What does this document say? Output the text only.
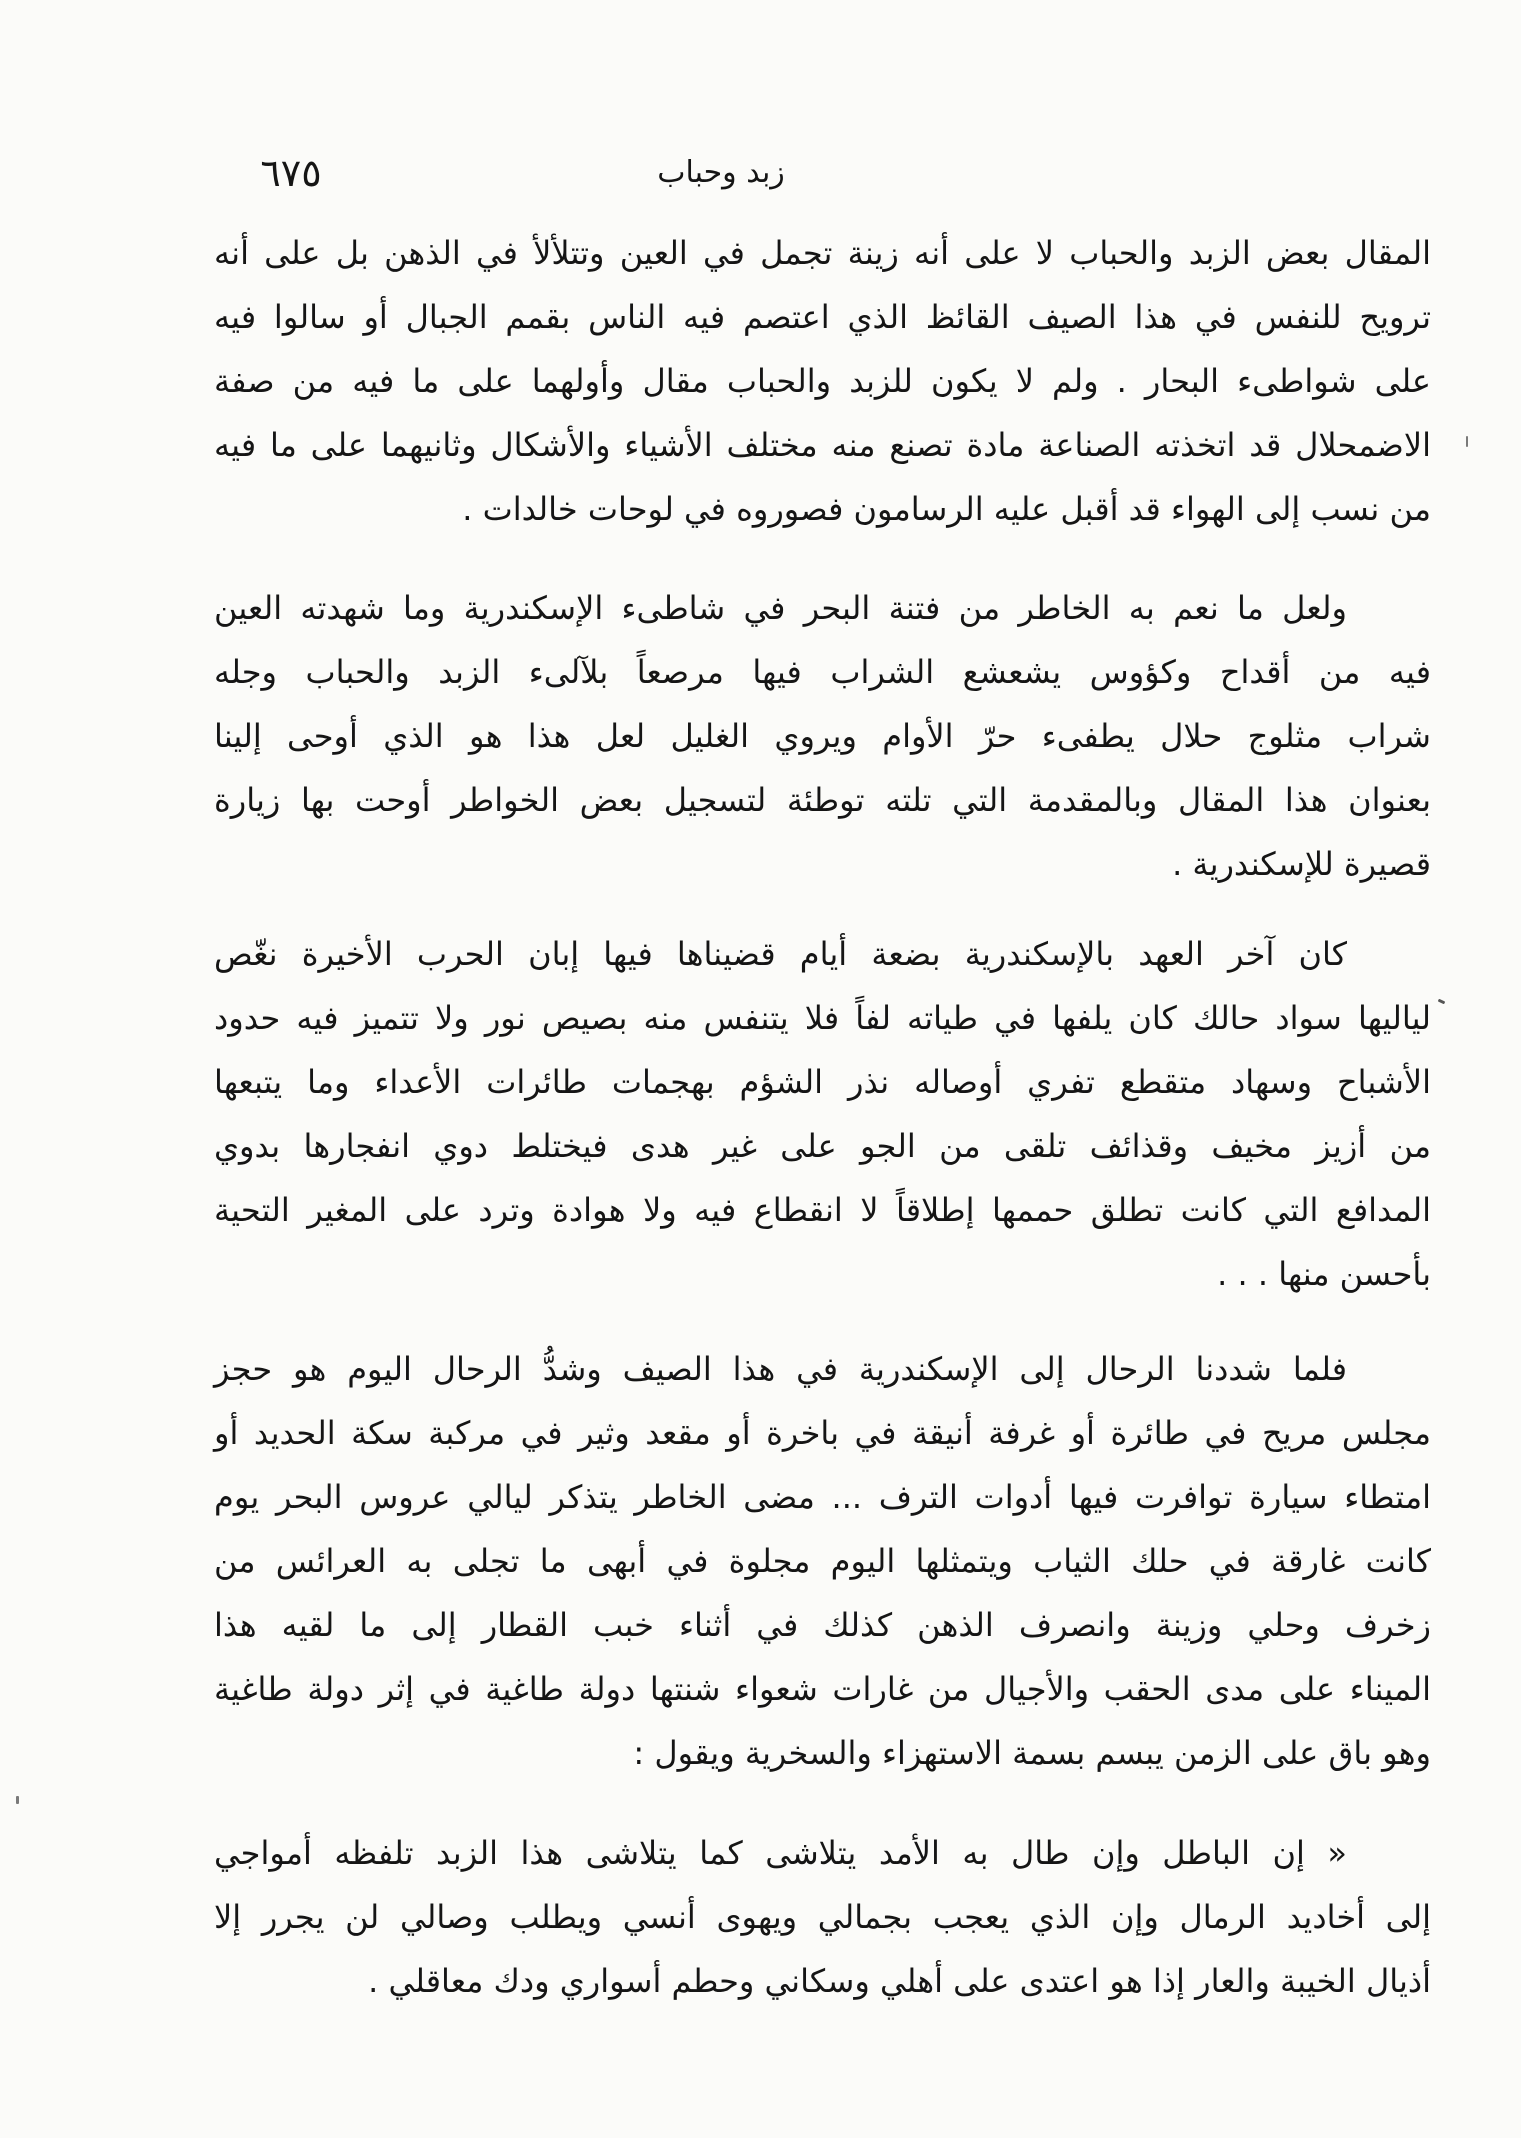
زبد وحباب
٦٧٥
المقال بعض الزبد والحباب لا على أنه زينة تجمل في العين وتتلألأ في الذهن بل على أنه
ترويح للنفس في هذا الصيف القائظ الذي اعتصم فيه الناس بقمم الجبال أو سالوا فيه
على شواطىء البحار . ولم لا يكون للزبد والحباب مقال وأولهما على ما فيه من صفة
الاضمحلال قد اتخذته الصناعة مادة تصنع منه مختلف الأشياء والأشكال وثانيهما على ما فيه
من نسب إلى الهواء قد أقبل عليه الرسامون فصوروه في لوحات خالدات .
ولعل ما نعم به الخاطر من فتنة البحر في شاطىء الإسكندرية وما شهدته العين
فيه من أقداح وكؤوس يشعشع الشراب فيها مرصعاً بلآلىء الزبد والحباب وجله
شراب مثلوج حلال يطفىء حرّ الأوام ويروي الغليل لعل هذا هو الذي أوحى إلينا
بعنوان هذا المقال وبالمقدمة التي تلته توطئة لتسجيل بعض الخواطر أوحت بها زيارة
قصيرة للإسكندرية .
كان آخر العهد بالإسكندرية بضعة أيام قضيناها فيها إبان الحرب الأخيرة نغّص
لياليها سواد حالك كان يلفها في طياته لفاً فلا يتنفس منه بصيص نور ولا تتميز فيه حدود
الأشباح وسهاد متقطع تفري أوصاله نذر الشؤم بهجمات طائرات الأعداء وما يتبعها
من أزيز مخيف وقذائف تلقى من الجو على غير هدى فيختلط دوي انفجارها بدوي
المدافع التي كانت تطلق حممها إطلاقاً لا انقطاع فيه ولا هوادة وترد على المغير التحية
بأحسن منها . . .
فلما شددنا الرحال إلى الإسكندرية في هذا الصيف وشدُّ الرحال اليوم هو حجز
مجلس مريح في طائرة أو غرفة أنيقة في باخرة أو مقعد وثير في مركبة سكة الحديد أو
امتطاء سيارة توافرت فيها أدوات الترف ... مضى الخاطر يتذكر ليالي عروس البحر يوم
كانت غارقة في حلك الثياب ويتمثلها اليوم مجلوة في أبهى ما تجلى به العرائس من
زخرف وحلي وزينة وانصرف الذهن كذلك في أثناء خبب القطار إلى ما لقيه هذا
الميناء على مدى الحقب والأجيال من غارات شعواء شنتها دولة طاغية في إثر دولة طاغية
وهو باق على الزمن يبسم بسمة الاستهزاء والسخرية ويقول :
« إن الباطل وإن طال به الأمد يتلاشى كما يتلاشى هذا الزبد تلفظه أمواجي
إلى أخاديد الرمال وإن الذي يعجب بجمالي ويهوى أنسي ويطلب وصالي لن يجرر إلا
أذيال الخيبة والعار إذا هو اعتدى على أهلي وسكاني وحطم أسواري ودك معاقلي .
